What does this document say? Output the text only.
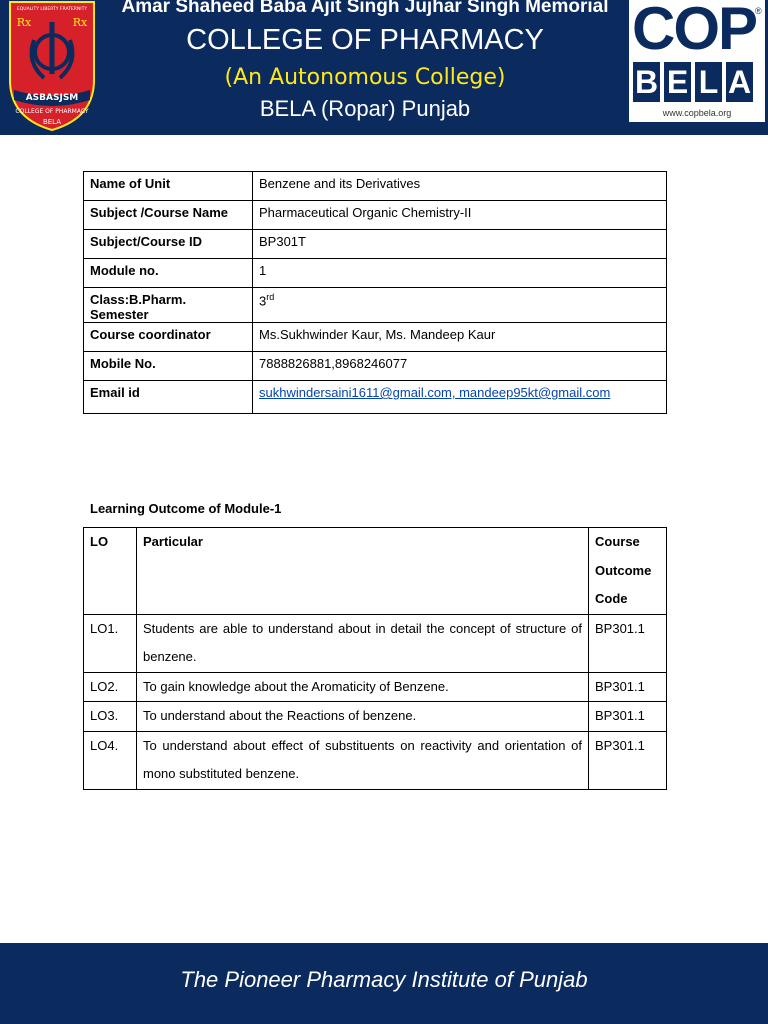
EQUALITY LIBERTY FRATERNITY
Rx	Rx
ASBASJSM
COLLEGE OF PHARMACY
BELA
Amar Shaheed Baba Ajit Singh Jujhar Singh Memorial
COLLEGE OF PHARMACY
(An Autonomous College)
BELA (Ropar) Punjab
COP
®
B E L A
www.copbela.org
Name of Unit	Benzene and its Derivatives
Subject /Course Name	Pharmaceutical Organic Chemistry-II
Subject/Course ID	BP301T
Module no.	1
Class:B.Pharm. Semester	3rd
Course coordinator	Ms.Sukhwinder Kaur, Ms. Mandeep Kaur
Mobile No.	7888826881,8968246077
Email id	sukhwindersaini1611@gmail.com, mandeep95kt@gmail.com
Learning Outcome of Module-1
LO	Particular	Course
Outcome
Code

LO1.	Students are able to understand about in detail the concept of structure of benzene.	BP301.1
LO2.	To gain knowledge about the Aromaticity of Benzene.	BP301.1
LO3.	To understand about the Reactions of benzene.	BP301.1
LO4.	To understand about effect of substituents on reactivity and orientation of mono substituted benzene.	BP301.1
The Pioneer Pharmacy Institute of Punjab
